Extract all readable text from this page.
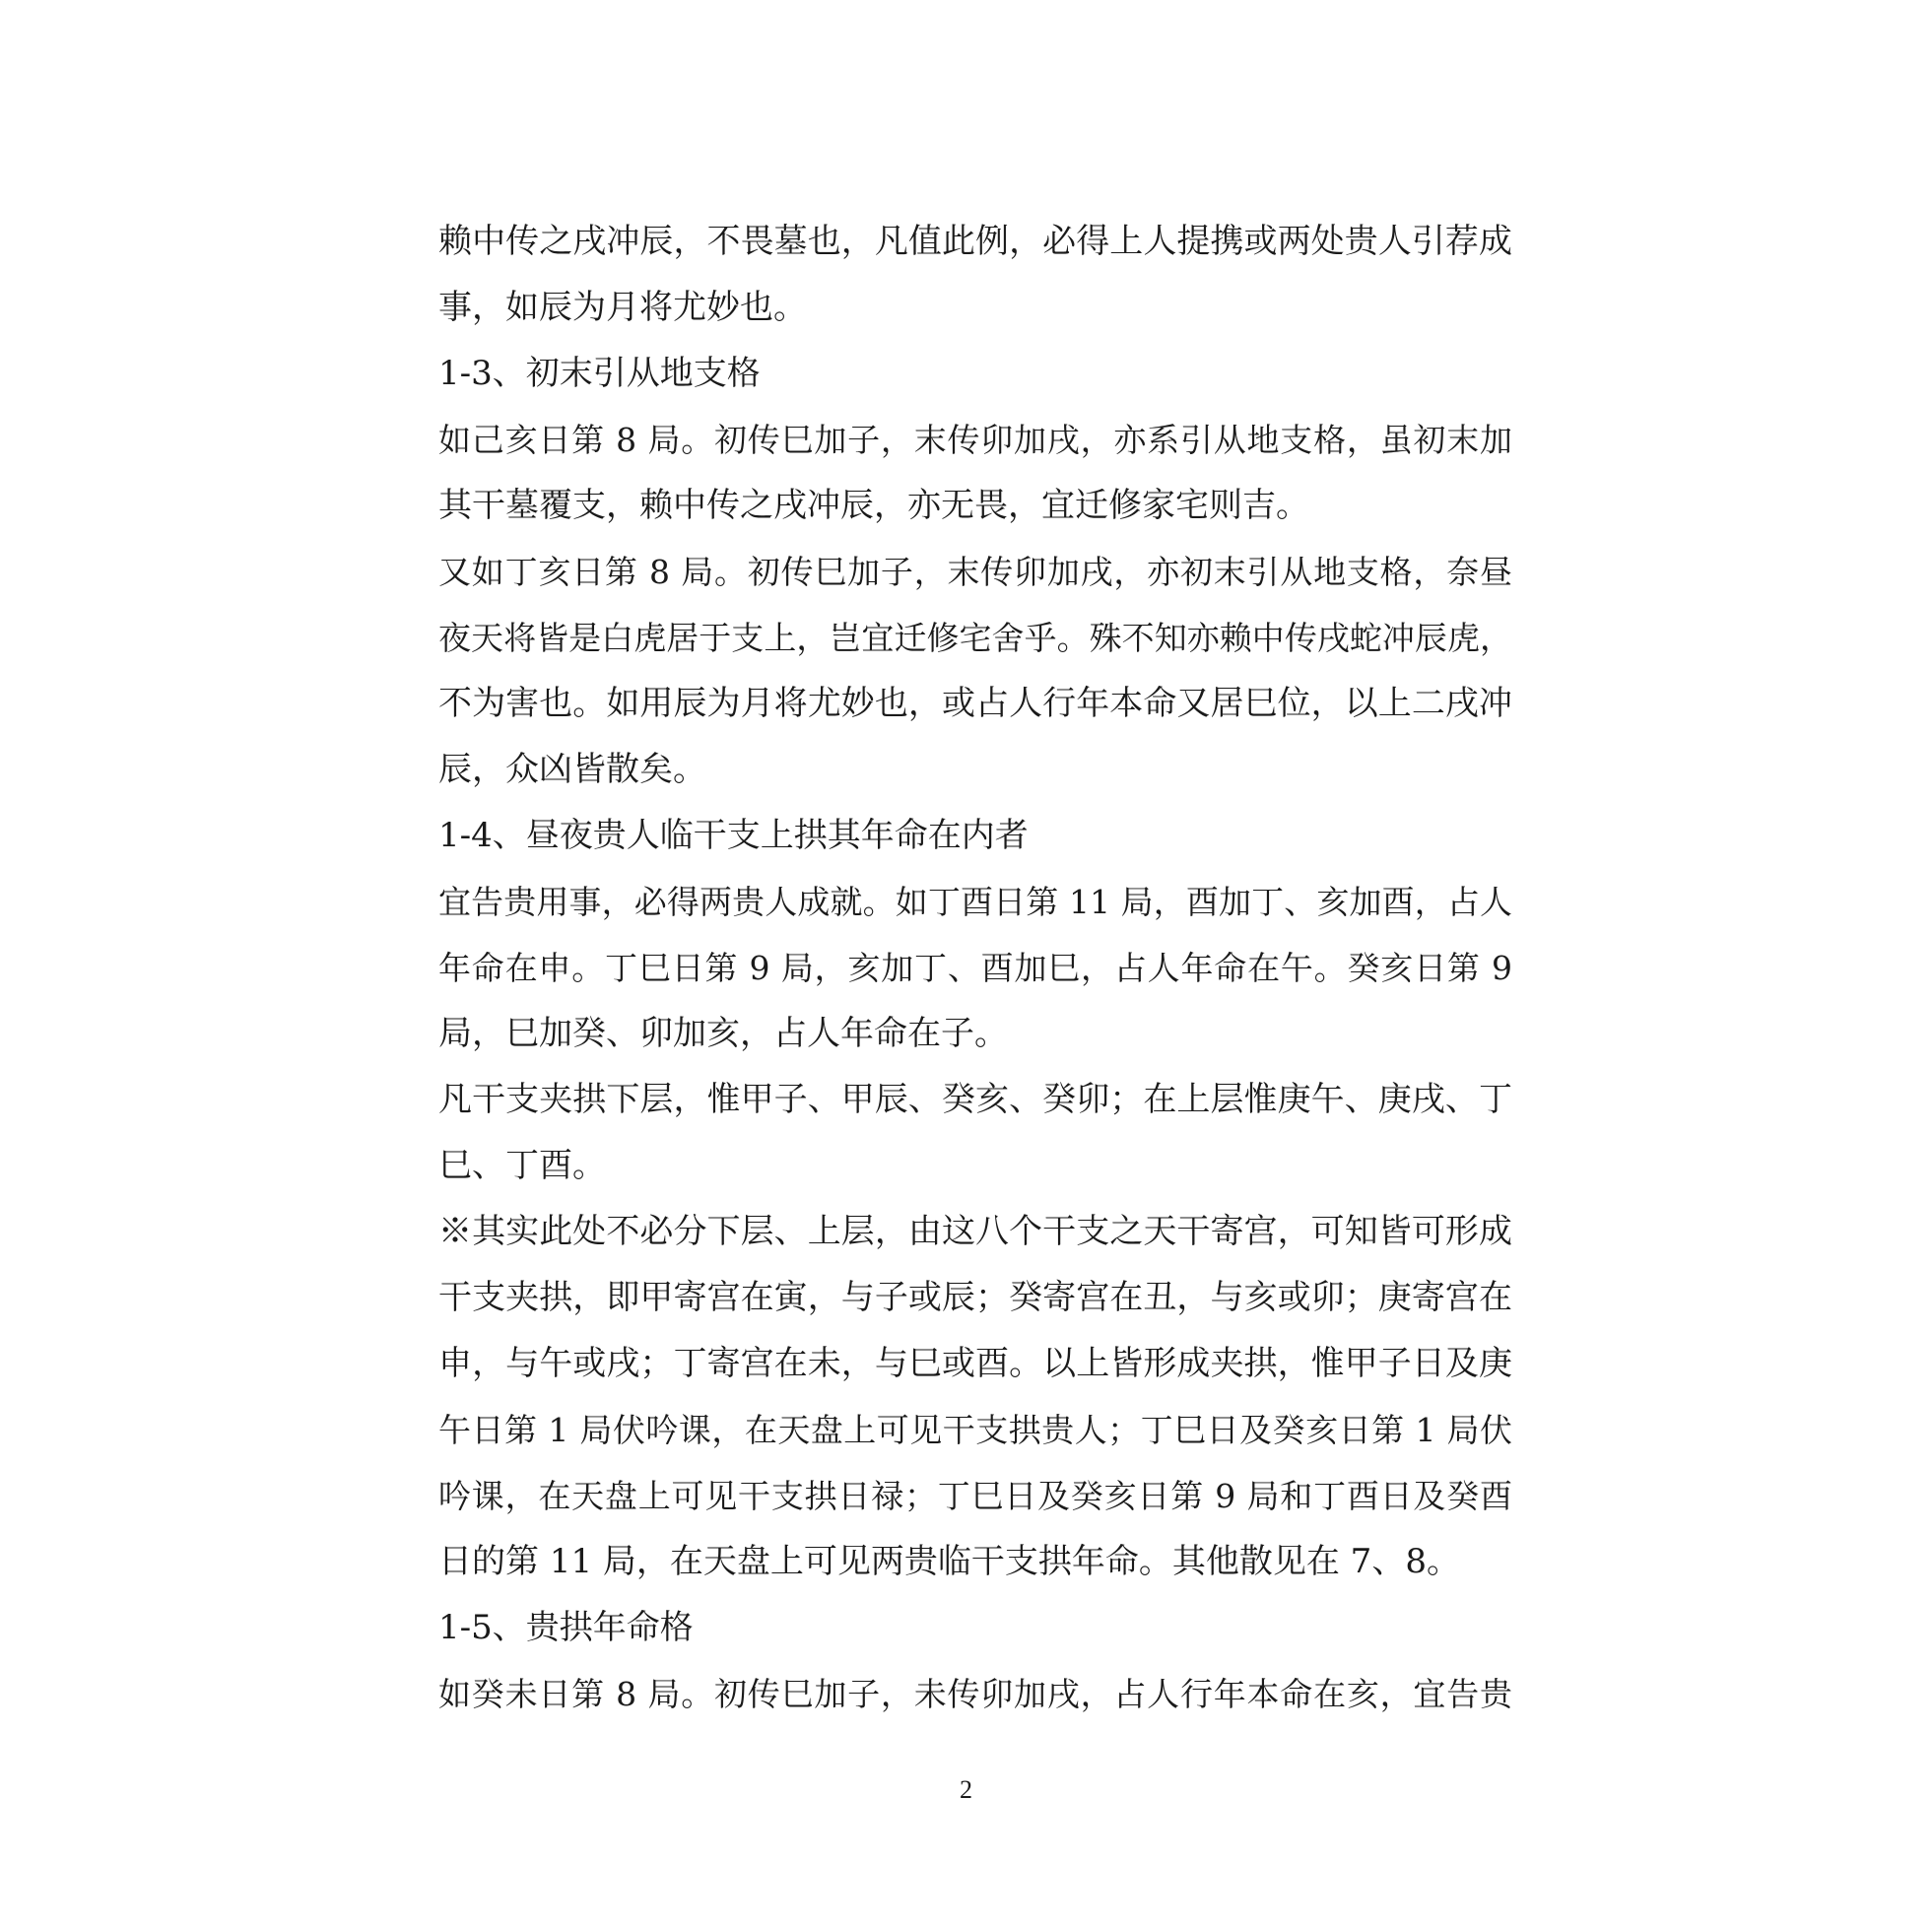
赖中传之戌冲辰，不畏墓也，凡值此例，必得上人提携或两处贵人引荐成
事，如辰为月将尤妙也。
1-3、初末引从地支格
如己亥日第 8 局。初传巳加子，末传卯加戌，亦系引从地支格，虽初末加
其干墓覆支，赖中传之戌冲辰，亦无畏，宜迁修家宅则吉。
又如丁亥日第 8 局。初传巳加子，末传卯加戌，亦初末引从地支格，奈昼
夜天将皆是白虎居于支上，岂宜迁修宅舍乎。殊不知亦赖中传戌蛇冲辰虎，
不为害也。如用辰为月将尤妙也，或占人行年本命又居巳位，以上二戌冲
辰，众凶皆散矣。
1-4、昼夜贵人临干支上拱其年命在内者
宜告贵用事，必得两贵人成就。如丁酉日第 11 局，酉加丁、亥加酉，占人
年命在申。丁巳日第 9 局，亥加丁、酉加巳，占人年命在午。癸亥日第 9
局，巳加癸、卯加亥，占人年命在子。
凡干支夹拱下层，惟甲子、甲辰、癸亥、癸卯；在上层惟庚午、庚戌、丁
巳、丁酉。
※其实此处不必分下层、上层，由这八个干支之天干寄宫，可知皆可形成
干支夹拱，即甲寄宫在寅，与子或辰；癸寄宫在丑，与亥或卯；庚寄宫在
申，与午或戌；丁寄宫在未，与巳或酉。以上皆形成夹拱，惟甲子日及庚
午日第 1 局伏吟课，在天盘上可见干支拱贵人；丁巳日及癸亥日第 1 局伏
吟课，在天盘上可见干支拱日禄；丁巳日及癸亥日第 9 局和丁酉日及癸酉
日的第 11 局，在天盘上可见两贵临干支拱年命。其他散见在 7、8。
1-5、贵拱年命格
如癸未日第 8 局。初传巳加子，未传卯加戌，占人行年本命在亥，宜告贵
2
